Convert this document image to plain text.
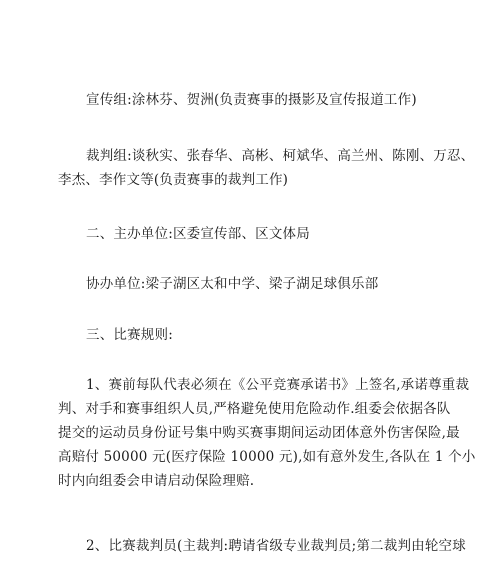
宣传组:涂林芬、贺洲(负责赛事的摄影及宣传报道工作)
裁判组:谈秋实、张春华、高彬、柯斌华、高兰州、陈刚、万忍、
李杰、李作文等(负责赛事的裁判工作)
二、主办单位:区委宣传部、区文体局
协办单位:梁子湖区太和中学、梁子湖足球俱乐部
三、比赛规则:
1、赛前每队代表必须在《公平竞赛承诺书》上签名,承诺尊重裁
判、对手和赛事组织人员,严格避免使用危险动作.组委会依据各队
提交的运动员身份证号集中购买赛事期间运动团体意外伤害保险,最
高赔付 50000 元(医疗保险 10000 元),如有意外发生,各队在 1 个小
时内向组委会申请启动保险理赔.
2、比赛裁判员(主裁判:聘请省级专业裁判员;第二裁判由轮空球
